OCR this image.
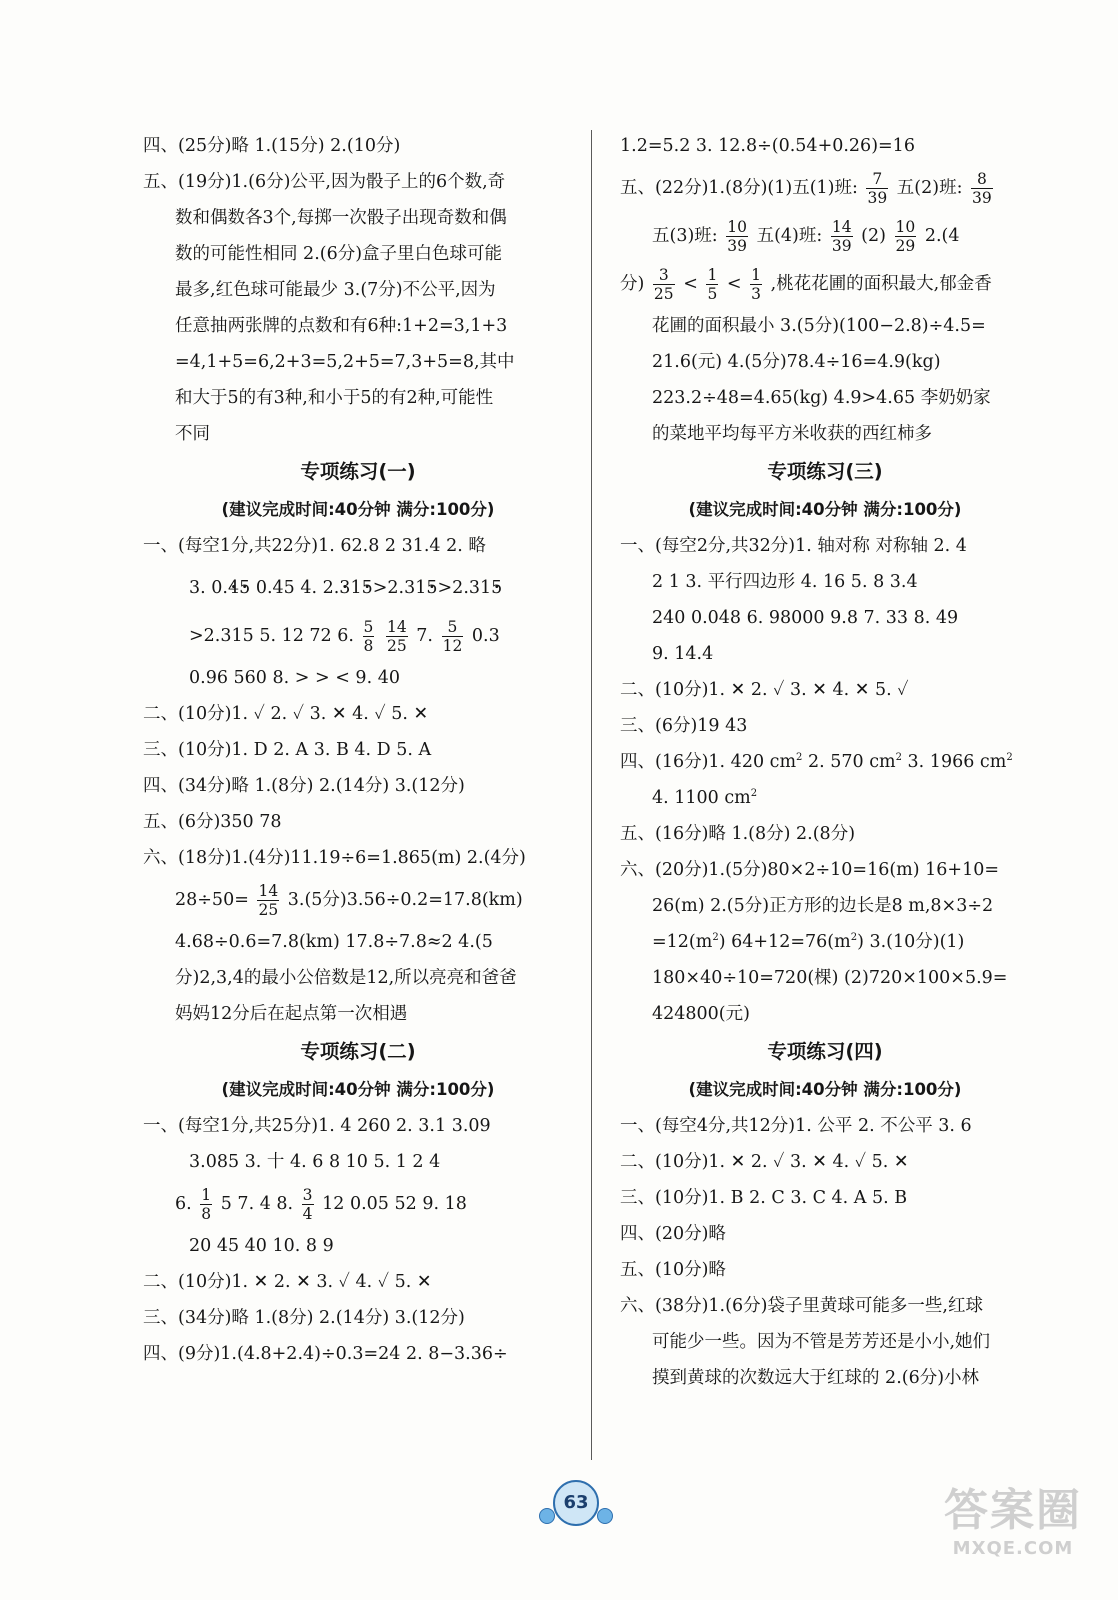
四、(25分)略 1.(15分) 2.(10分)
五、(19分)1.(6分)公平,因为骰子上的6个数,奇
数和偶数各3个,每掷一次骰子出现奇数和偶
数的可能性相同 2.(6分)盒子里白色球可能
最多,红色球可能最少 3.(7分)不公平,因为
任意抽两张牌的点数和有6种:1+2=3,1+3
=4,1+5=6,2+3=5,2+5=7,3+5=8,其中
和大于5的有3种,和小于5的有2种,可能性
不同
专项练习(一)
(建议完成时间:40分钟 满分:100分)
一、(每空1分,共22分)1. 62.8 2 31.4 2. 略
3. 0.4 ·5 · 0.45 4. 2.3 ·15 ·>2.315 ·>2.315 ·
>2.315 5. 12 72 6. $\frac{5}{8}$
$\frac{14}{25} 7$. $\frac{5}{12} 0.3$
0.96 560 8. > > < 9. 40
二、(10分)1. ✓ 2. ✓ 3. ✕ 4. ✓ 5. ✕
三、(10分)1. D 2. A 3. B 4. D 5. A
四、(34分)略 1.(8分) 2.(14分) 3.(12分)
五、(6分)350 78
六、(18分)1.(4分)11.19÷6=1.865(m) 2.(4分)
$28\div 50= \frac{14}{25} 3.(5$分)3.56÷0.2=17.8(km)
4.68÷0.6=7.8(km) 17.8÷7.8≈2 4.(5
分)2,3,4的最小公倍数是12,所以亮亮和爸爸
妈妈12分后在起点第一次相遇
专项练习(二)
(建议完成时间:40分钟 满分:100分)
一、(每空1分,共25分)1. 4 260 2. 3.1 3.09
3.085 3. 十 4. 6 8 10 5. 1 2 4
6. $\frac{1}{8} 5$ 7. 4 8. $\frac{3}{4} 12$ 0.05 52 9. 18
20 45 40 10. 8 9
二、(10分)1. ✕ 2. ✕ 3. ✓ 4. ✓ 5. ✕
三、(34分)略 1.(8分) 2.(14分) 3.(12分)
四、(9分)1.(4.8+2.4)÷0.3=24 2. 8−3.36÷
1.2=5.2 3. 12.8÷(0.54+0.26)=16
五、(22分)1.(8分)(1)五(1)班: $\frac{7}{39}$ 五(2)班: $\frac{8}{39}$
五(3)班: $\frac{10}{39}$ 五(4)班: $\frac{14}{39} (2) \frac{10}{29} 2.(4$
分) $\frac{3}{25} < \frac{1}{5} < \frac{1}{3}$ ,桃花花圃的面积最大,郁金香
花圃的面积最小 3.(5分)(100−2.8)÷4.5=
21.6(元) 4.(5分)78.4÷16=4.9(kg)
223.2÷48=4.65(kg) 4.9>4.65 李奶奶家
的菜地平均每平方米收获的西红柿多
专项练习(三)
(建议完成时间:40分钟 满分:100分)
一、(每空2分,共32分)1. 轴对称 对称轴 2. 4
2 1 3. 平行四边形 4. 16 5. 8 3.4
240 0.048 6. 98000 9.8 7. 33 8. 49
9. 14.4
二、(10分)1. ✕ 2. ✓ 3. ✕ 4. ✕ 5. ✓
三、(6分)19 43
四、(16分)1. 420 $cm^2$ 2. 570 $cm^2$ 3. 1966 $cm^2$
4. 1100 $cm^2$
五、(16分)略 1.(8分) 2.(8分)
六、(20分)1.(5分)80×2÷10=16(m) 16+10=
26(m) 2.(5分)正方形的边长是8 m,8×3÷2
$=12(m^2)$ $64+12=76(m^2)$ 3.(10分)(1)
180×40÷10=720(棵) (2)720×100×5.9=
424800(元)
专项练习(四)
(建议完成时间:40分钟 满分:100分)
一、(每空4分,共12分)1. 公平 2. 不公平 3. 6
二、(10分)1. ✕ 2. ✓ 3. ✕ 4. ✓ 5. ✕
三、(10分)1. B 2. C 3. C 4. A 5. B
四、(20分)略
五、(10分)略
六、(38分)1.(6分)袋子里黄球可能多一些,红球
可能少一些。因为不管是芳芳还是小小,她们
摸到黄球的次数远大于红球的 2.(6分)小林
63	答案圈
MXQE.COM
